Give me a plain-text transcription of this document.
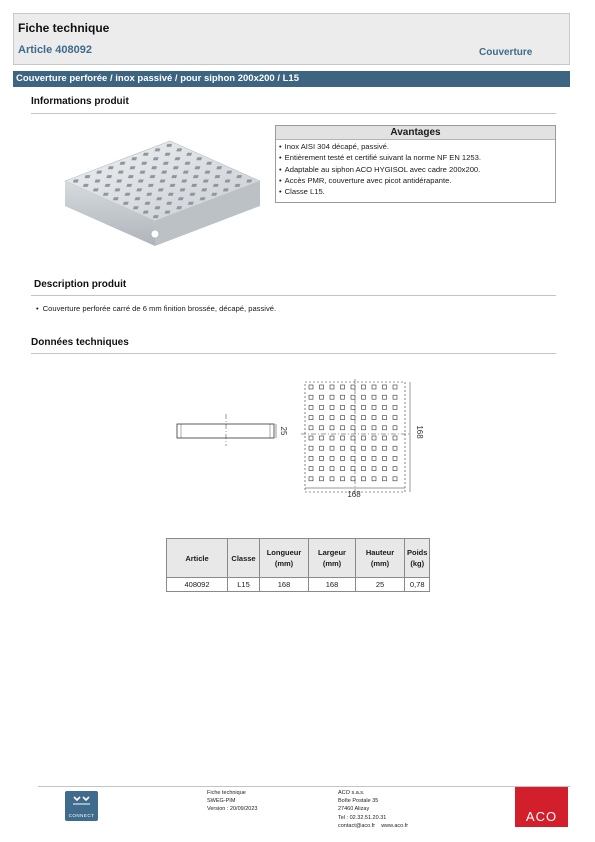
Fiche technique
Article 408092	Couverture
Couverture perforée / inox passivé / pour siphon 200x200 / L15
Informations produit
Avantages
• Inox AISI 304 décapé, passivé.
• Entièrement testé et certifié suivant la norme NF EN 1253.
• Adaptable au siphon ACO HYGISOL avec cadre 200x200.
• Accès PMR, couverture avec picot antidérapante.
• Classe L15.
Description produit
• Couverture perforée carré de 6 mm finition brossée, décapé, passivé.
Données techniques
25	168
168
Article	Classe	Longueur (mm)	Largeur (mm)	Hauteur (mm)	Poids (kg)
408092	L15	168	168	25	0,78
CONNECT
Fiche technique
SWEG-PIM
Version : 20/09/2023
ACO s.a.s.
Boîte Postale 35
27460 Alizay
Tel : 02.32.51.20.31
contact@aco.fr www.aco.fr
ACO
